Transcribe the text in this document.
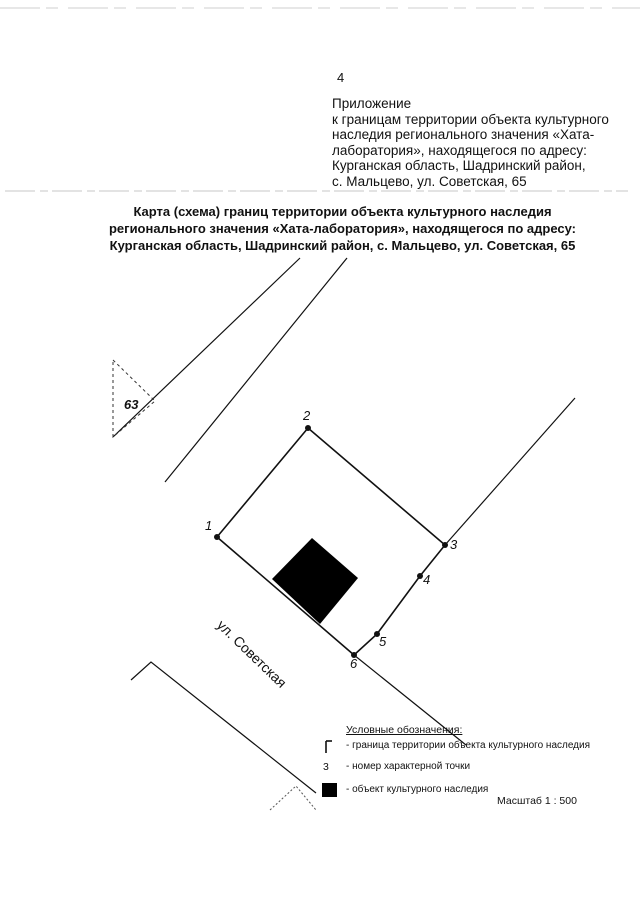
4
Приложение
к границам территории объекта культурного
наследия регионального значения «Хата-
лаборатория», находящегося по адресу:
Курганская область, Шадринский район,
с. Мальцево, ул. Советская, 65
Карта (схема) границ территории объекта культурного наследия
регионального значения «Хата-лаборатория», находящегося по адресу:
Курганская область, Шадринский район, с. Мальцево, ул. Советская, 65
63
1
2
3
4
5
6
ул. Советская
Условные обозначения:
- граница территории объекта культурного наследия
3	- номер характерной точки
- объект культурного наследия
Масштаб 1 : 500
